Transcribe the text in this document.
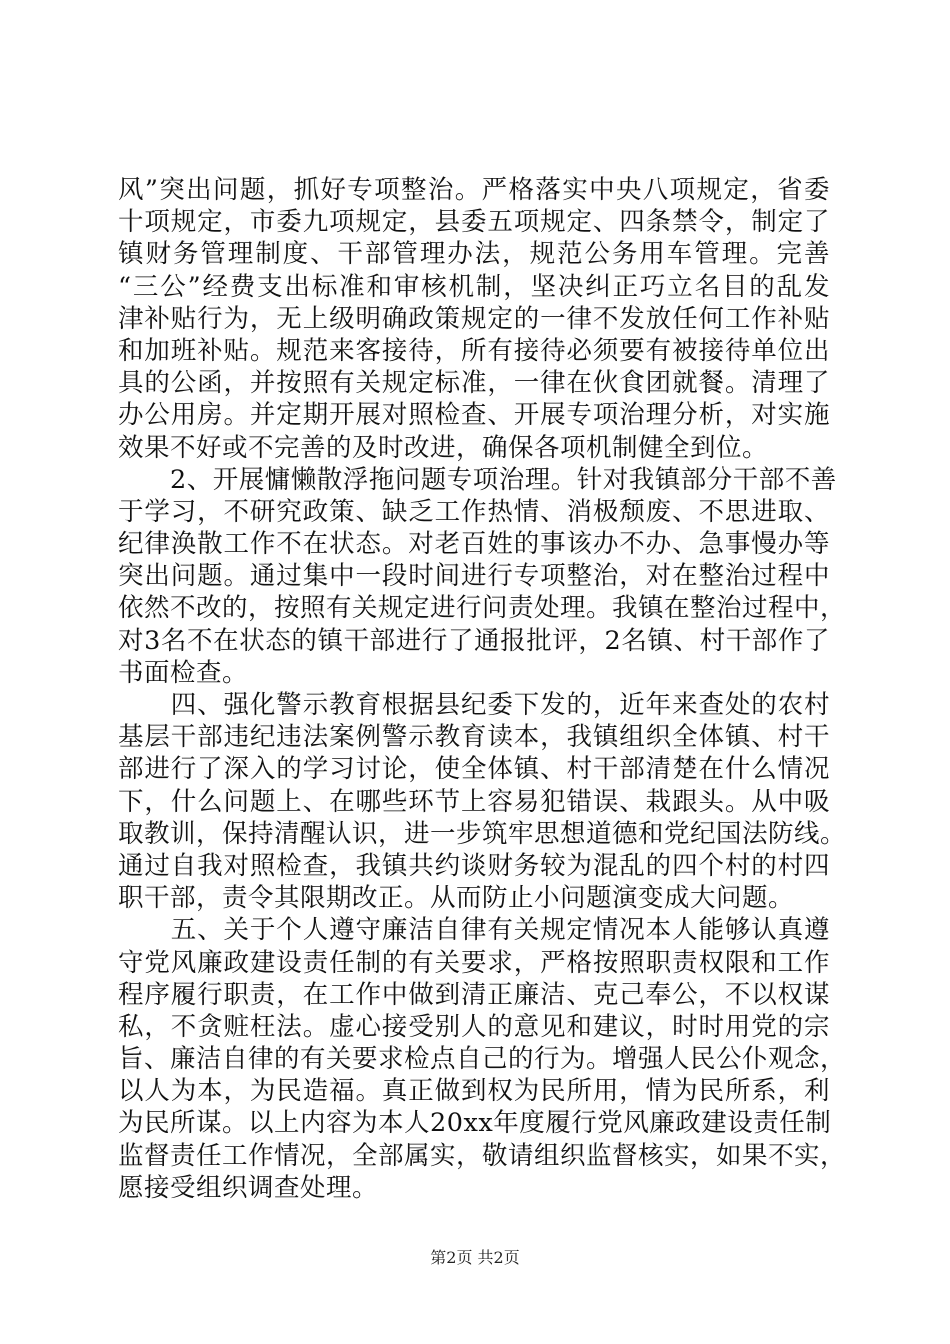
风”突出问题，抓好专项整治。严格落实中央八项规定，省委
十项规定，市委九项规定，县委五项规定、四条禁令，制定了
镇财务管理制度、干部管理办法，规范公务用车管理。完善
“三公”经费支出标准和审核机制，坚决纠正巧立名目的乱发
津补贴行为，无上级明确政策规定的一律不发放任何工作补贴
和加班补贴。规范来客接待，所有接待必须要有被接待单位出
具的公函，并按照有关规定标准，一律在伙食团就餐。清理了
办公用房。并定期开展对照检查、开展专项治理分析，对实施
效果不好或不完善的及时改进，确保各项机制健全到位。
　　2、开展慵懒散浮拖问题专项治理。针对我镇部分干部不善
于学习，不研究政策、缺乏工作热情、消极颓废、不思进取、
纪律涣散工作不在状态。对老百姓的事该办不办、急事慢办等
突出问题。通过集中一段时间进行专项整治，对在整治过程中
依然不改的，按照有关规定进行问责处理。我镇在整治过程中，
对3名不在状态的镇干部进行了通报批评，2名镇、村干部作了
书面检查。
　　四、强化警示教育根据县纪委下发的，近年来查处的农村
基层干部违纪违法案例警示教育读本，我镇组织全体镇、村干
部进行了深入的学习讨论，使全体镇、村干部清楚在什么情况
下，什么问题上、在哪些环节上容易犯错误、栽跟头。从中吸
取教训，保持清醒认识，进一步筑牢思想道德和党纪国法防线。
通过自我对照检查，我镇共约谈财务较为混乱的四个村的村四
职干部，责令其限期改正。从而防止小问题演变成大问题。
　　五、关于个人遵守廉洁自律有关规定情况本人能够认真遵
守党风廉政建设责任制的有关要求，严格按照职责权限和工作
程序履行职责，在工作中做到清正廉洁、克己奉公，不以权谋
私，不贪赃枉法。虚心接受别人的意见和建议，时时用党的宗
旨、廉洁自律的有关要求检点自己的行为。增强人民公仆观念，
以人为本，为民造福。真正做到权为民所用，情为民所系，利
为民所谋。以上内容为本人20xx年度履行党风廉政建设责任制
监督责任工作情况，全部属实，敬请组织监督核实，如果不实，
愿接受组织调查处理。
第2页 共2页
